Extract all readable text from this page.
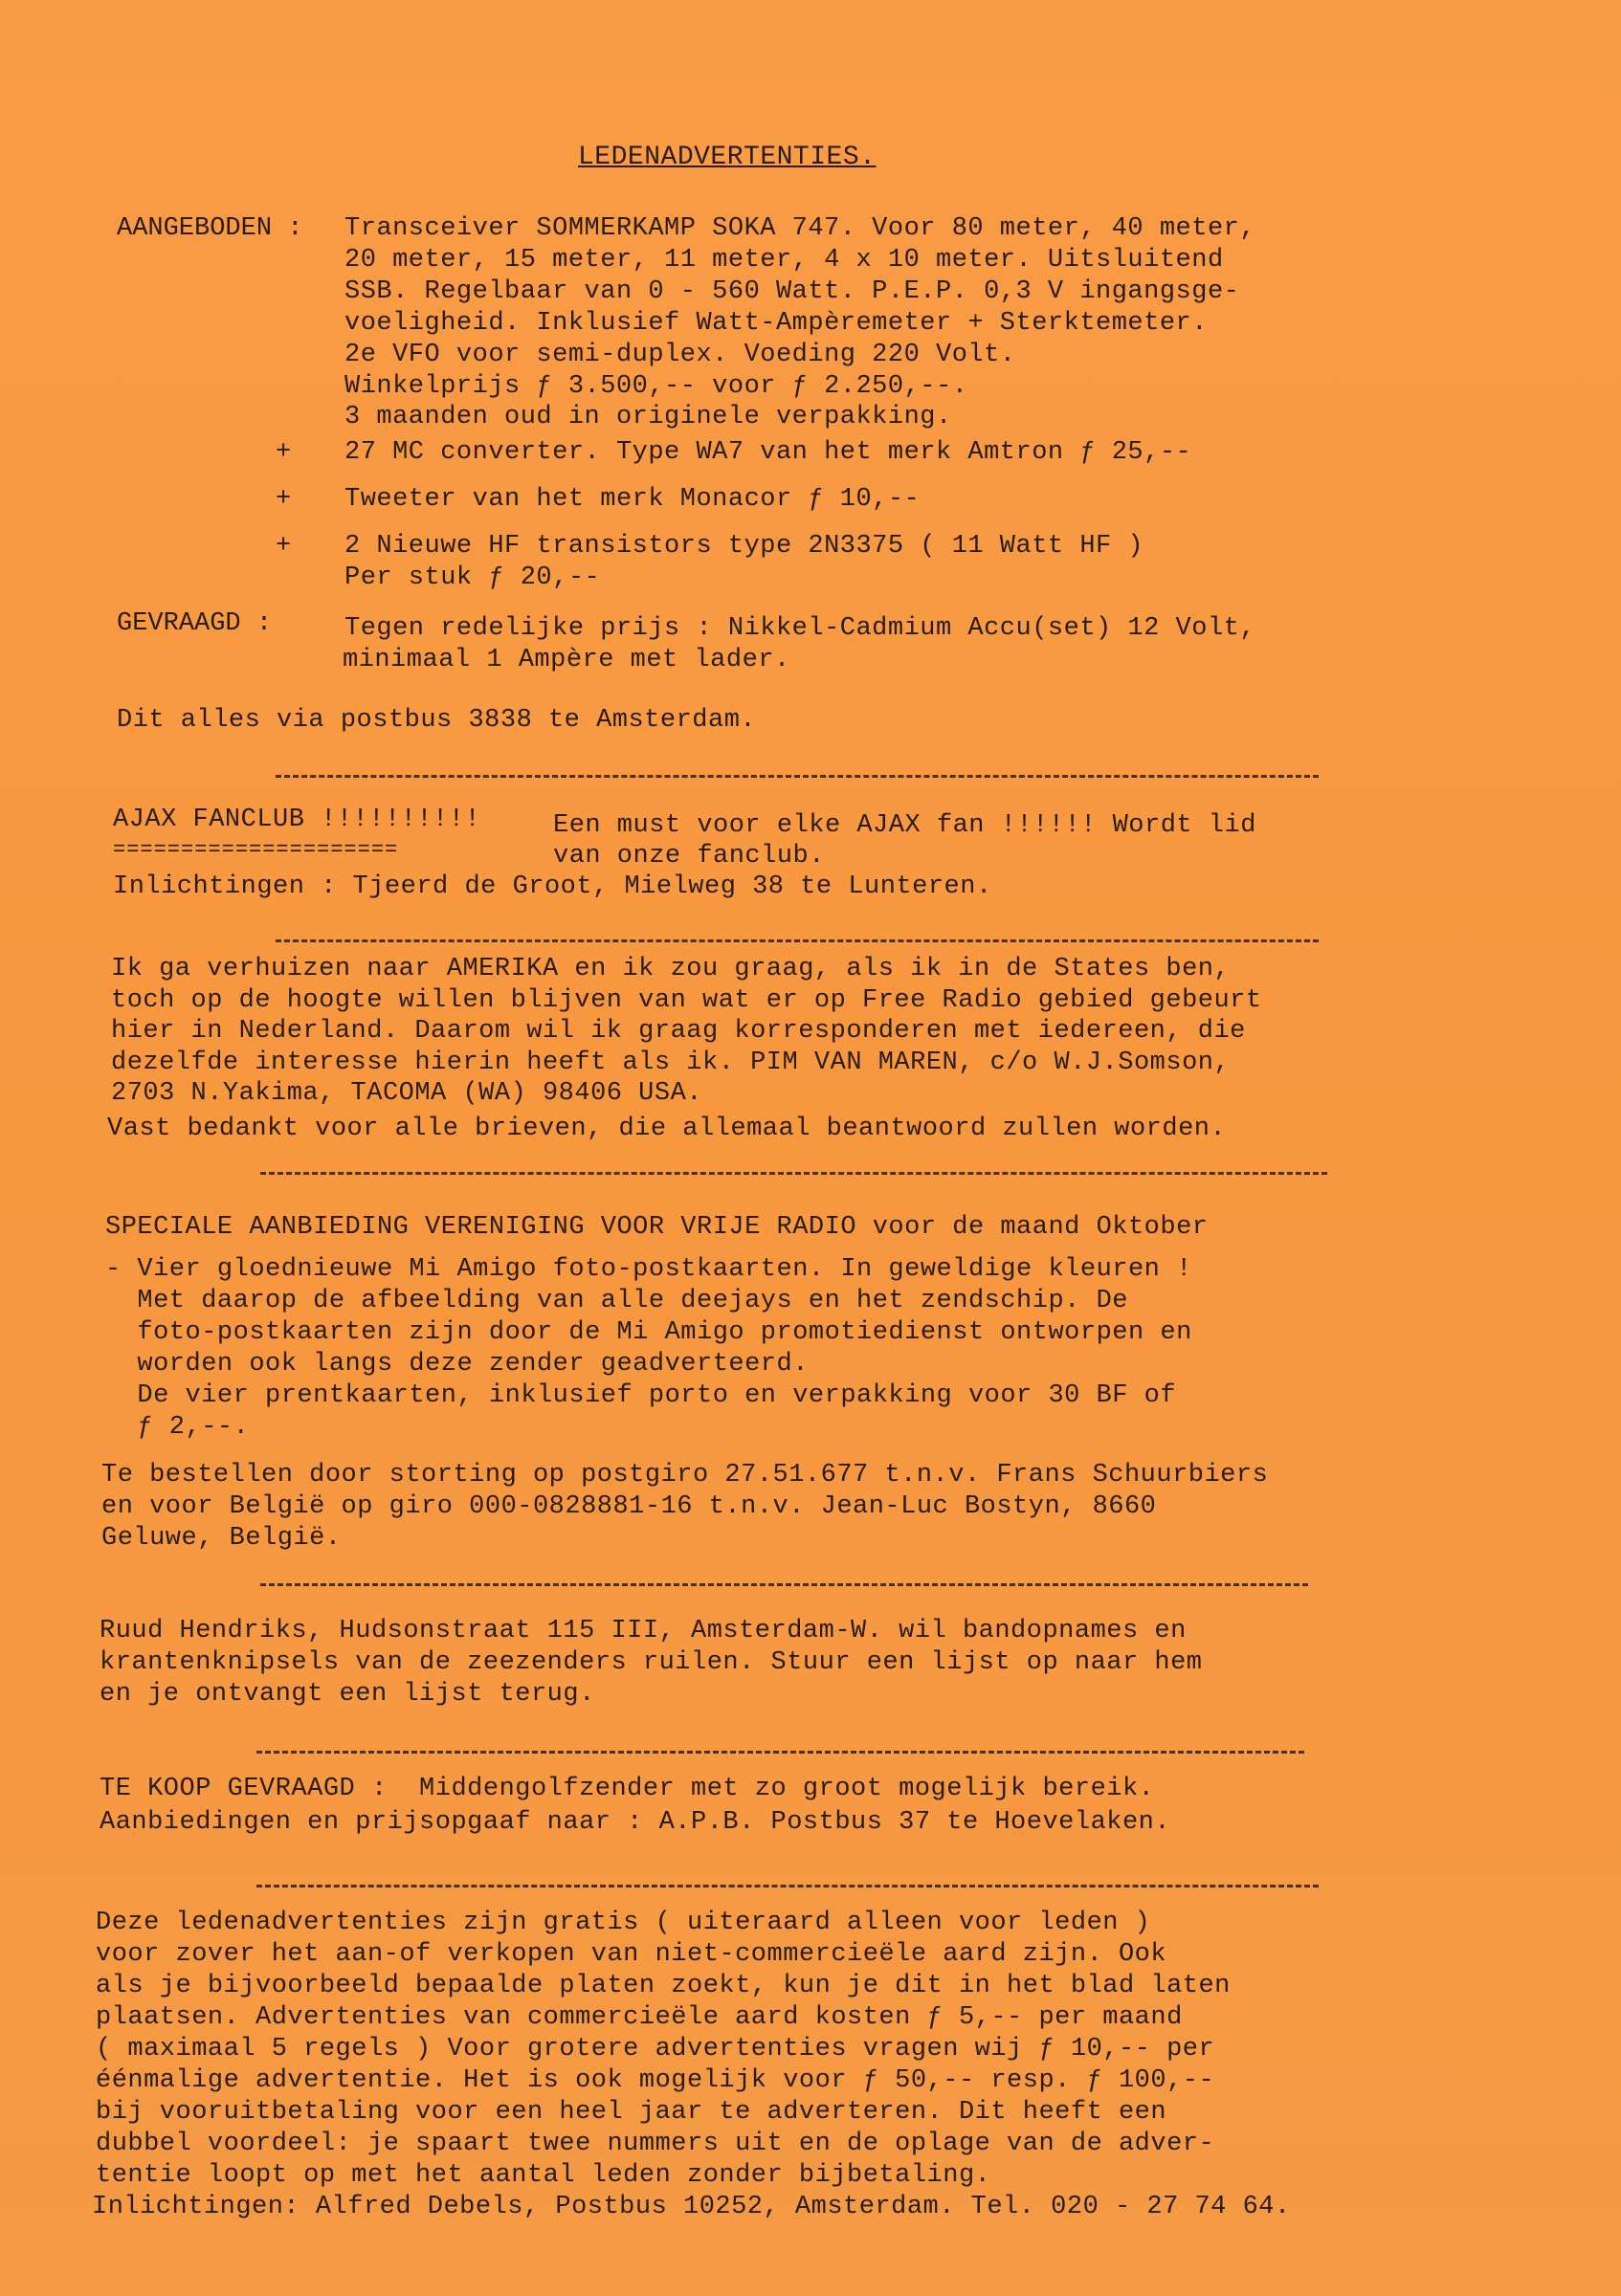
LEDENADVERTENTIES.
AANGEBODEN : Transceiver SOMMERKAMP SOKA 747. Voor 80 meter, 40 meter,
20 meter, 15 meter, 11 meter, 4 x 10 meter. Uitsluitend
SSB. Regelbaar van 0 - 560 Watt. P.E.P. 0,3 V ingangsge-
voeligheid. Inklusief Watt-Ampèremeter + Sterktemeter.
2e VFO voor semi-duplex. Voeding 220 Volt.
Winkelprijs ƒ 3.500,-- voor ƒ 2.250,--.
3 maanden oud in originele verpakking.
+ 27 MC converter. Type WA7 van het merk Amtron ƒ 25,--
+ Tweeter van het merk Monacor ƒ 10,--
+ 2 Nieuwe HF transistors type 2N3375 ( 11 Watt HF )
Per stuk ƒ 20,--
GEVRAAGD :	Tegen redelijke prijs : Nikkel-Cadmium Accu(set) 12 Volt,
minimaal 1 Ampère met lader.
Dit alles via postbus 3838 te Amsterdam.
AJAX FANCLUB !!!!!!!!!!
=====================
Een must voor elke AJAX fan !!!!!! Wordt lid
van onze fanclub.
Inlichtingen : Tjeerd de Groot, Mielweg 38 te Lunteren.
Ik ga verhuizen naar AMERIKA en ik zou graag, als ik in de States ben,
toch op de hoogte willen blijven van wat er op Free Radio gebied gebeurt
hier in Nederland. Daarom wil ik graag korresponderen met iedereen, die
dezelfde interesse hierin heeft als ik. PIM VAN MAREN, c/o W.J.Somson,
2703 N.Yakima, TACOMA (WA) 98406 USA.
Vast bedankt voor alle brieven, die allemaal beantwoord zullen worden.
SPECIALE AANBIEDING VERENIGING VOOR VRIJE RADIO voor de maand Oktober
- Vier gloednieuwe Mi Amigo foto-postkaarten. In geweldige kleuren !
Met daarop de afbeelding van alle deejays en het zendschip. De
foto-postkaarten zijn door de Mi Amigo promotiedienst ontworpen en
worden ook langs deze zender geadverteerd.
De vier prentkaarten, inklusief porto en verpakking voor 30 BF of
ƒ 2,--.
Te bestellen door storting op postgiro 27.51.677 t.n.v. Frans Schuurbiers
en voor België op giro 000-0828881-16 t.n.v. Jean-Luc Bostyn, 8660
Geluwe, België.
Ruud Hendriks, Hudsonstraat 115 III, Amsterdam-W. wil bandopnames en
krantenknipsels van de zeezenders ruilen. Stuur een lijst op naar hem
en je ontvangt een lijst terug.
TE KOOP GEVRAAGD :  Middengolfzender met zo groot mogelijk bereik.
Aanbiedingen en prijsopgaaf naar : A.P.B. Postbus 37 te Hoevelaken.
Deze ledenadvertenties zijn gratis ( uiteraard alleen voor leden )
voor zover het aan-of verkopen van niet-commercieële aard zijn. Ook
als je bijvoorbeeld bepaalde platen zoekt, kun je dit in het blad laten
plaatsen. Advertenties van commercieële aard kosten ƒ 5,-- per maand
( maximaal 5 regels ) Voor grotere advertenties vragen wij ƒ 10,-- per
éénmalige advertentie. Het is ook mogelijk voor ƒ 50,-- resp. ƒ 100,--
bij vooruitbetaling voor een heel jaar te adverteren. Dit heeft een
dubbel voordeel: je spaart twee nummers uit en de oplage van de adver-
tentie loopt op met het aantal leden zonder bijbetaling.
Inlichtingen: Alfred Debels, Postbus 10252, Amsterdam. Tel. 020 - 27 74 64.
